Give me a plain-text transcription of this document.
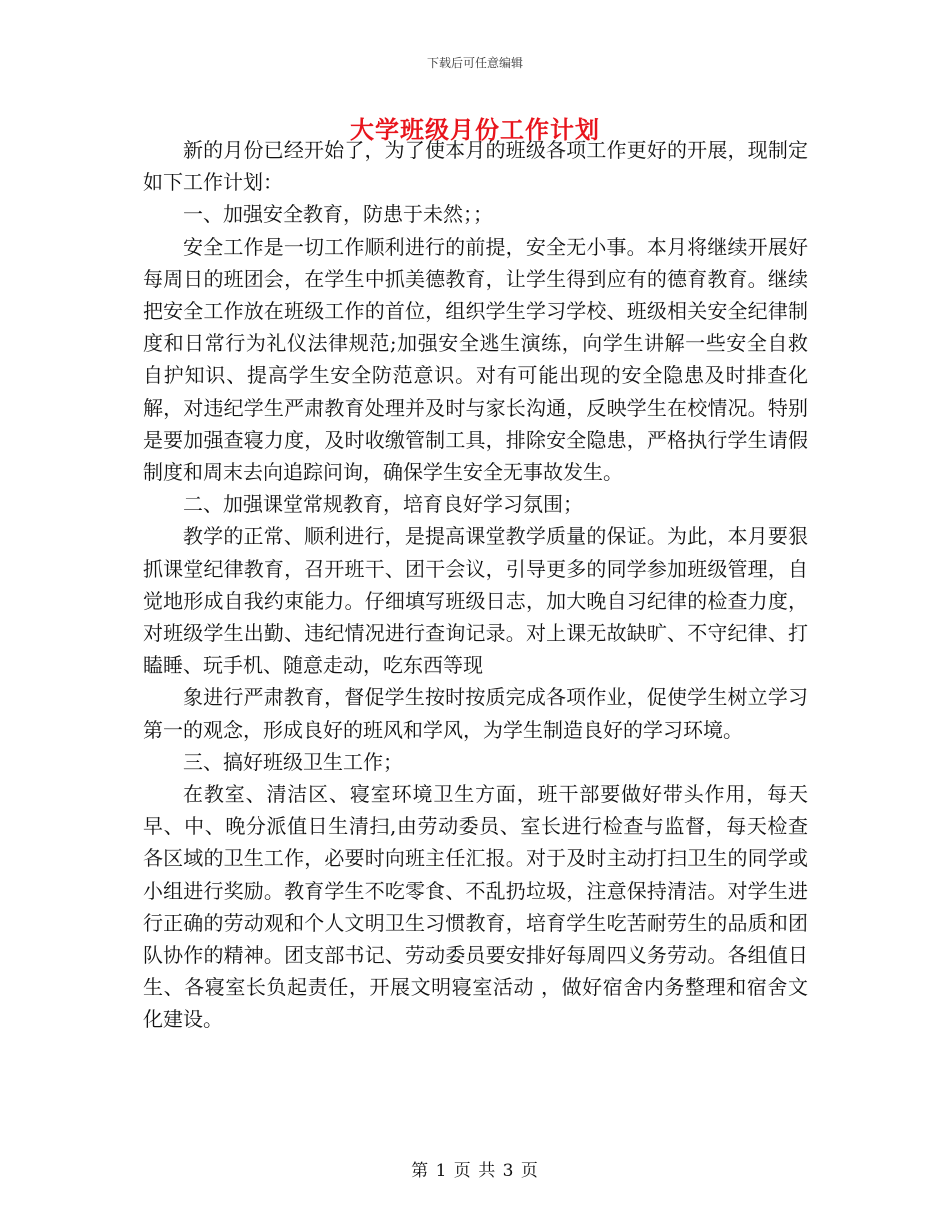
下载后可任意编辑
大学班级月份工作计划

新的月份已经开始了，为了使本月的班级各项工作更好的开展，现制定如下工作计划：

一、加强安全教育，防患于未然；；

安全工作是一切工作顺利进行的前提，安全无小事。本月将继续开展好每周日的班团会，在学生中抓美德教育，让学生得到应有的德育教育。继续把安全工作放在班级工作的首位，组织学生学习学校、班级相关安全纪律制度和日常行为礼仪法律规范;加强安全逃生演练，向学生讲解一些安全自救自护知识、提高学生安全防范意识。对有可能出现的安全隐患及时排查化解，对违纪学生严肃教育处理并及时与家长沟通，反映学生在校情况。特别是要加强查寝力度，及时收缴管制工具，排除安全隐患，严格执行学生请假制度和周末去向追踪问询，确保学生安全无事故发生。

二、加强课堂常规教育，培育良好学习氛围；

教学的正常、顺利进行，是提高课堂教学质量的保证。为此，本月要狠抓课堂纪律教育，召开班干、团干会议，引导更多的同学参加班级管理，自觉地形成自我约束能力。仔细填写班级日志，加大晚自习纪律的检查力度，对班级学生出勤、违纪情况进行查询记录。对上课无故缺旷、不守纪律、打瞌睡、玩手机、随意走动，吃东西等现

象进行严肃教育，督促学生按时按质完成各项作业，促使学生树立学习第一的观念，形成良好的班风和学风，为学生制造良好的学习环境。

三、搞好班级卫生工作；

在教室、清洁区、寝室环境卫生方面，班干部要做好带头作用，每天早、中、晚分派值日生清扫,由劳动委员、室长进行检查与监督，每天检查各区域的卫生工作，必要时向班主任汇报。对于及时主动打扫卫生的同学或小组进行奖励。教育学生不吃零食、不乱扔垃圾，注意保持清洁。对学生进行正确的劳动观和个人文明卫生习惯教育，培育学生吃苦耐劳生的品质和团队协作的精神。团支部书记、劳动委员要安排好每周四义务劳动。各组值日生、各寝室长负起责任，开展文明寝室活动 ，做好宿舍内务整理和宿舍文化建设。

第 1 页 共 3 页
